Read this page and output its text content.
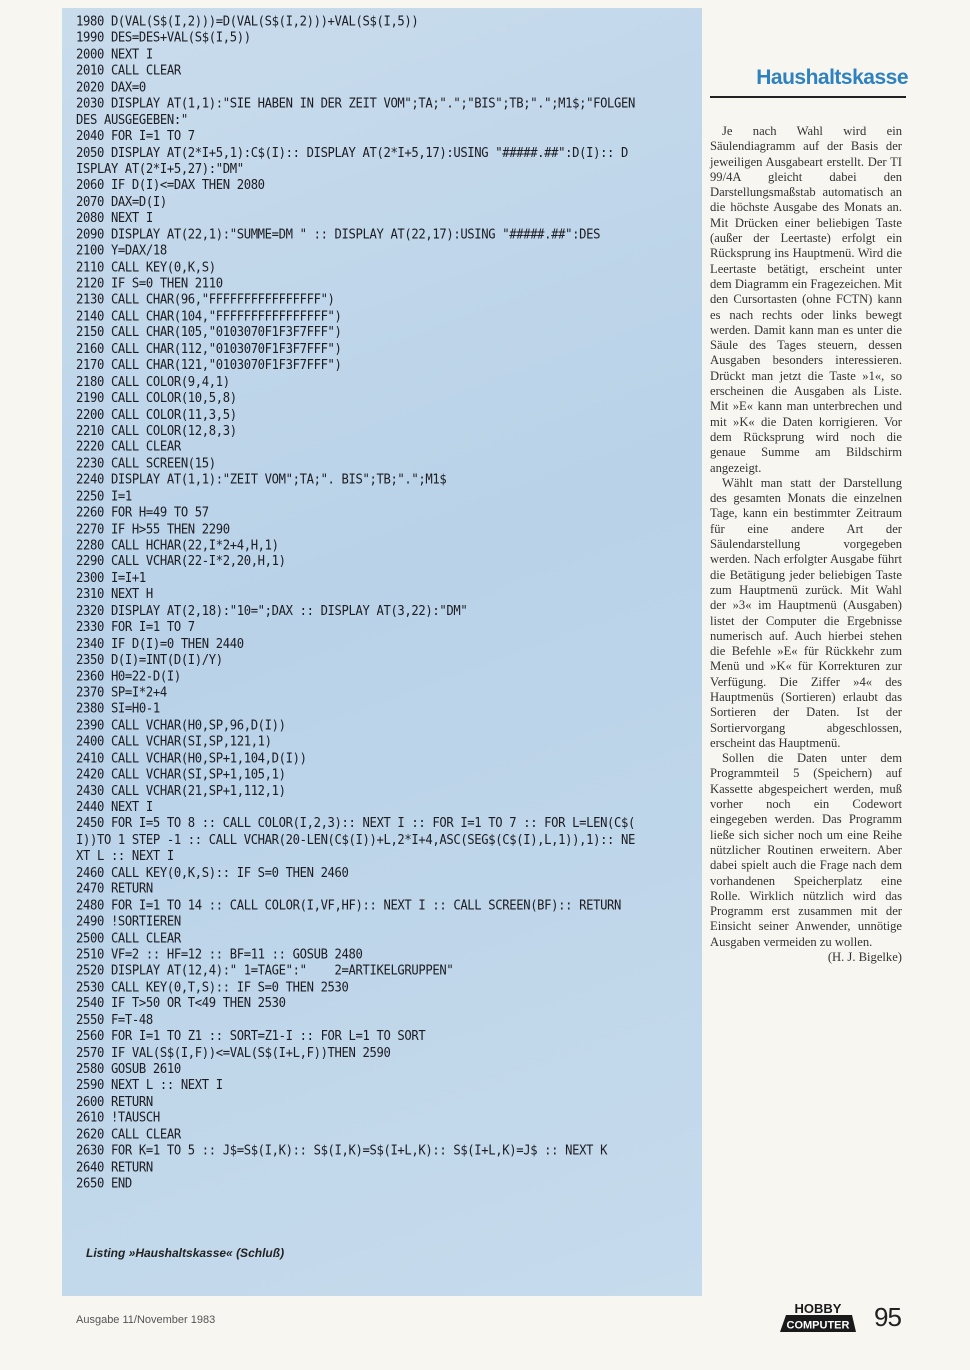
1980 D(VAL(S$(I,2)))=D(VAL(S$(I,2)))+VAL(S$(I,5))
1990 DES=DES+VAL(S$(I,5))
2000 NEXT I
2010 CALL CLEAR
2020 DAX=0
2030 DISPLAY AT(1,1):"SIE HABEN IN DER ZEIT VOM";TA;".";"BIS";TB;".";M1$;"FOLGEN
DES AUSGEGEBEN:"
2040 FOR I=1 TO 7
2050 DISPLAY AT(2*I+5,1):C$(I):: DISPLAY AT(2*I+5,17):USING "#####.##":D(I):: D
ISPLAY AT(2*I+5,27):"DM"
2060 IF D(I)<=DAX THEN 2080
2070 DAX=D(I)
2080 NEXT I
2090 DISPLAY AT(22,1):"SUMME=DM " :: DISPLAY AT(22,17):USING "#####.##":DES
2100 Y=DAX/18
2110 CALL KEY(0,K,S)
2120 IF S=0 THEN 2110
2130 CALL CHAR(96,"FFFFFFFFFFFFFFFF")
2140 CALL CHAR(104,"FFFFFFFFFFFFFFFF")
2150 CALL CHAR(105,"0103070F1F3F7FFF")
2160 CALL CHAR(112,"0103070F1F3F7FFF")
2170 CALL CHAR(121,"0103070F1F3F7FFF")
2180 CALL COLOR(9,4,1)
2190 CALL COLOR(10,5,8)
2200 CALL COLOR(11,3,5)
2210 CALL COLOR(12,8,3)
2220 CALL CLEAR
2230 CALL SCREEN(15)
2240 DISPLAY AT(1,1):"ZEIT VOM";TA;". BIS";TB;".";M1$
2250 I=1
2260 FOR H=49 TO 57
2270 IF H>55 THEN 2290
2280 CALL HCHAR(22,I*2+4,H,1)
2290 CALL VCHAR(22-I*2,20,H,1)
2300 I=I+1
2310 NEXT H
2320 DISPLAY AT(2,18):"10=";DAX :: DISPLAY AT(3,22):"DM"
2330 FOR I=1 TO 7
2340 IF D(I)=0 THEN 2440
2350 D(I)=INT(D(I)/Y)
2360 H0=22-D(I)
2370 SP=I*2+4
2380 SI=H0-1
2390 CALL VCHAR(H0,SP,96,D(I))
2400 CALL VCHAR(SI,SP,121,1)
2410 CALL VCHAR(H0,SP+1,104,D(I))
2420 CALL VCHAR(SI,SP+1,105,1)
2430 CALL VCHAR(21,SP+1,112,1)
2440 NEXT I
2450 FOR I=5 TO 8 :: CALL COLOR(I,2,3):: NEXT I :: FOR I=1 TO 7 :: FOR L=LEN(C$(
I))TO 1 STEP -1 :: CALL VCHAR(20-LEN(C$(I))+L,2*I+4,ASC(SEG$(C$(I),L,1)),1):: NE
XT L :: NEXT I
2460 CALL KEY(0,K,S):: IF S=0 THEN 2460
2470 RETURN
2480 FOR I=1 TO 14 :: CALL COLOR(I,VF,HF):: NEXT I :: CALL SCREEN(BF):: RETURN
2490 !SORTIEREN
2500 CALL CLEAR
2510 VF=2 :: HF=12 :: BF=11 :: GOSUB 2480
2520 DISPLAY AT(12,4):" 1=TAGE":"    2=ARTIKELGRUPPEN"
2530 CALL KEY(0,T,S):: IF S=0 THEN 2530
2540 IF T>50 OR T<49 THEN 2530
2550 F=T-48
2560 FOR I=1 TO Z1 :: SORT=Z1-I :: FOR L=1 TO SORT
2570 IF VAL(S$(I,F))<=VAL(S$(I+L,F))THEN 2590
2580 GOSUB 2610
2590 NEXT L :: NEXT I
2600 RETURN
2610 !TAUSCH
2620 CALL CLEAR
2630 FOR K=1 TO 5 :: J$=S$(I,K):: S$(I,K)=S$(I+L,K):: S$(I+L,K)=J$ :: NEXT K
2640 RETURN
2650 END
Listing »Haushaltskasse« (Schluß)
Haushaltskasse

Je nach Wahl wird ein Säulendiagramm auf der Basis der jeweiligen Ausgabeart erstellt. Der TI 99/4A gleicht dabei den Darstellungsmaßstab automatisch an die höchste Ausgabe des Monats an. Mit Drücken einer beliebigen Taste (außer der Leertaste) erfolgt ein Rücksprung ins Hauptmenü. Wird die Leertaste betätigt, erscheint unter dem Diagramm ein Fragezeichen. Mit den Cursortasten (ohne FCTN) kann es nach rechts oder links bewegt werden. Damit kann man es unter die Säule des Tages steuern, dessen Ausgaben besonders interessieren. Drückt man jetzt die Taste »1«, so erscheinen die Ausgaben als Liste. Mit »E« kann man unterbrechen und mit »K« die Daten korrigieren. Vor dem Rücksprung wird noch die genaue Summe am Bildschirm angezeigt.

Wählt man statt der Darstellung des gesamten Monats die einzelnen Tage, kann ein bestimmter Zeitraum für eine andere Art der Säulendarstellung vorgegeben werden. Nach erfolgter Ausgabe führt die Betätigung jeder beliebigen Taste zum Hauptmenü zurück. Mit Wahl der »3« im Hauptmenü (Ausgaben) listet der Computer die Ergebnisse numerisch auf. Auch hierbei stehen die Befehle »E« für Rückkehr zum Menü und »K« für Korrekturen zur Verfügung. Die Ziffer »4« des Hauptmenüs (Sortieren) erlaubt das Sortieren der Daten. Ist der Sortiervorgang abgeschlossen, erscheint das Hauptmenü.

Sollen die Daten unter dem Programmteil 5 (Speichern) auf Kassette abgespeichert werden, muß vorher noch ein Codewort eingegeben werden. Das Programm ließe sich sicher noch um eine Reihe nützlicher Routinen erweitern. Aber dabei spielt auch die Frage nach dem vorhandenen Speicherplatz eine Rolle. Wirklich nützlich wird das Programm erst zusammen mit der Einsicht seiner Anwender, unnötige Ausgaben vermeiden zu wollen.

(H. J. Bigelke)

Ausgabe 11/November 1983
HOBBY
COMPUTER 95
